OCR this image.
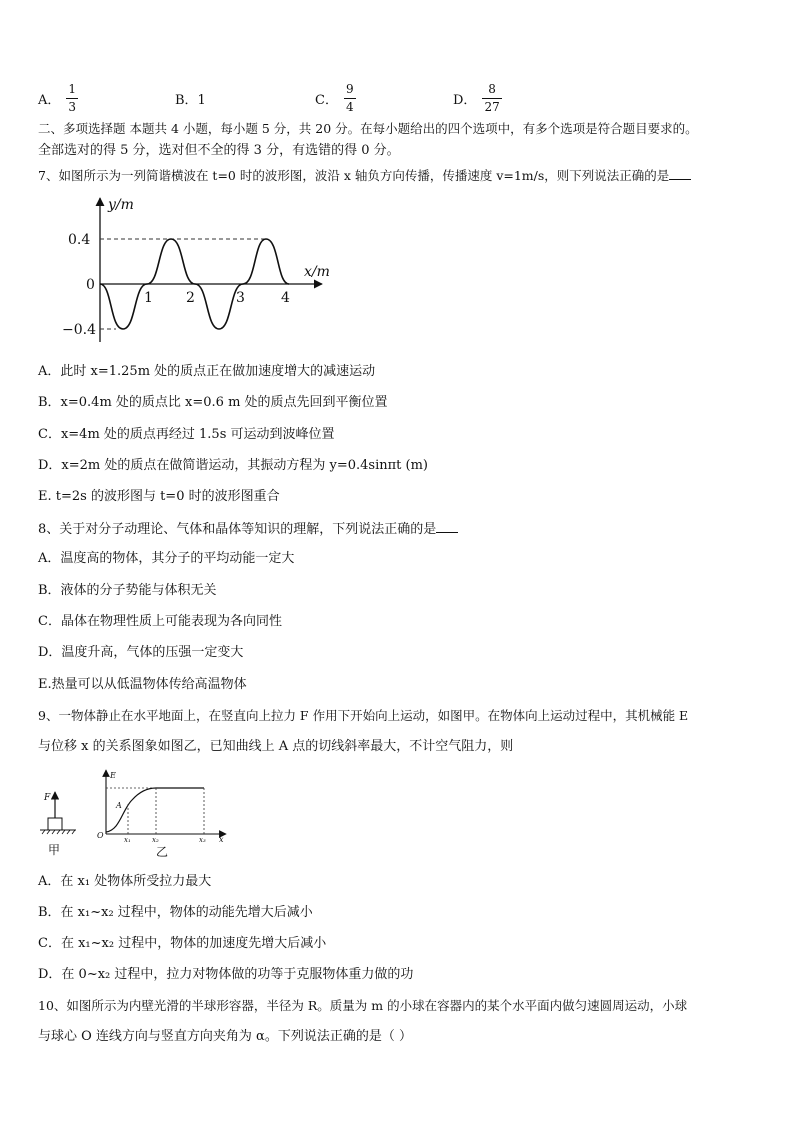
A． $\frac{1}{3}$	B．1	C． $\frac{9}{4}$	D． $\frac{8}{27}$
二、多项选择题 本题共 4 小题，每小题 5 分，共 20 分。在每小题给出的四个选项中，有多个选项是符合题目要求的。
全部选对的得 5 分，选对但不全的得 3 分，有选错的得 0 分。
7、如图所示为一列简谐横波在 t=0 时的波形图，波沿 x 轴负方向传播，传播速度 v=1m/s，则下列说法正确的是
y/m
x/m
0.4
−0.4
0
1 2	3	4
A．此时 x=1.25m 处的质点正在做加速度增大的减速运动
B．x=0.4m 处的质点比 x=0.6 m 处的质点先回到平衡位置
C．x=4m 处的质点再经过 1.5s 可运动到波峰位置
D．x=2m 处的质点在做简谐运动，其振动方程为 y=0.4sinπt (m)
E. t=2s 的波形图与 t=0 时的波形图重合
8、关于对分子动理论、气体和晶体等知识的理解，下列说法正确的是
A．温度高的物体，其分子的平均动能一定大
B．液体的分子势能与体积无关
C．晶体在物理性质上可能表现为各向同性
D．温度升高，气体的压强一定变大
E.热量可以从低温物体传给高温物体
9、一物体静止在水平地面上，在竖直向上拉力 F 作用下开始向上运动，如图甲。在物体向上运动过程中，其机械能 E
与位移 x 的关系图象如图乙，已知曲线上 A 点的切线斜率最大，不计空气阻力，则
F
甲
E
A
O	x₁	x₂	x₃ x
乙
A．在 x₁ 处物体所受拉力最大
B．在 x₁~x₂ 过程中，物体的动能先增大后减小
C．在 x₁~x₂ 过程中，物体的加速度先增大后减小
D．在 0~x₂ 过程中，拉力对物体做的功等于克服物体重力做的功
10、如图所示为内壁光滑的半球形容器，半径为 R。质量为 m 的小球在容器内的某个水平面内做匀速圆周运动，小球
与球心 O 连线方向与竖直方向夹角为 α。下列说法正确的是（ ）
